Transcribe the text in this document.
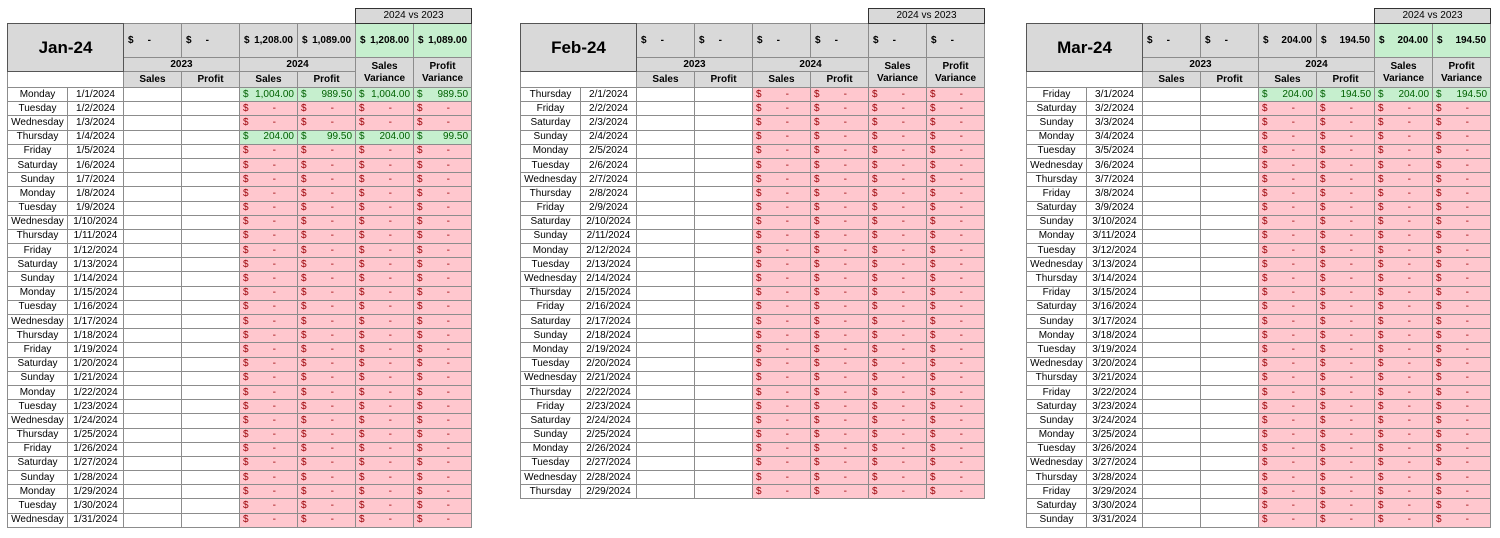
						2024 vs 2023	
Jan-24		$ -	$ -	$ 1,208.00	$ 1,089.00	$ 1,208.00	$ 1,089.00

		2023		2024		Sales Variance	Profit Variance
		Sales	Profit	Sales	Profit		
Monday	1/1/2024			$ 1,004.00	$ 989.50	$ 1,004.00	$ 989.50

Tuesday	1/2/2024			$ -	$ -	$ -	$ -

Wednesday	1/3/2024			$ -	$ -	$ -	$ -

Thursday	1/4/2024			$ 204.00	$ 99.50	$ 204.00	$ 99.50

Friday	1/5/2024			$ -	$ -	$ -	$ -

Saturday	1/6/2024			$ -	$ -	$ -	$ -

Sunday	1/7/2024			$ -	$ -	$ -	$ -

Monday	1/8/2024			$ -	$ -	$ -	$ -

Tuesday	1/9/2024			$ -	$ -	$ -	$ -

Wednesday	1/10/2024			$ -	$ -	$ -	$ -

Thursday	1/11/2024			$ -	$ -	$ -	$ -

Friday	1/12/2024			$ -	$ -	$ -	$ -

Saturday	1/13/2024			$ -	$ -	$ -	$ -

Sunday	1/14/2024			$ -	$ -	$ -	$ -

Monday	1/15/2024			$ -	$ -	$ -	$ -

Tuesday	1/16/2024			$ -	$ -	$ -	$ -

Wednesday	1/17/2024			$ -	$ -	$ -	$ -

Thursday	1/18/2024			$ -	$ -	$ -	$ -

Friday	1/19/2024			$ -	$ -	$ -	$ -

Saturday	1/20/2024			$ -	$ -	$ -	$ -

Sunday	1/21/2024			$ -	$ -	$ -	$ -

Monday	1/22/2024			$ -	$ -	$ -	$ -

Tuesday	1/23/2024			$ -	$ -	$ -	$ -

Wednesday	1/24/2024			$ -	$ -	$ -	$ -

Thursday	1/25/2024			$ -	$ -	$ -	$ -

Friday	1/26/2024			$ -	$ -	$ -	$ -

Saturday	1/27/2024			$ -	$ -	$ -	$ -

Sunday	1/28/2024			$ -	$ -	$ -	$ -

Monday	1/29/2024			$ -	$ -	$ -	$ -

Tuesday	1/30/2024			$ -	$ -	$ -	$ -

Wednesday	1/31/2024			$ -	$ -	$ -	$ -
						2024 vs 2023	
Feb-24		$ -	$ -	$ -	$ -	$ -	$ -

		2023		2024		Sales Variance	Profit Variance
		Sales	Profit	Sales	Profit		
Thursday	2/1/2024			$ -	$ -	$ -	$ -

Friday	2/2/2024			$ -	$ -	$ -	$ -

Saturday	2/3/2024			$ -	$ -	$ -	$ -

Sunday	2/4/2024			$ -	$ -	$ -	$ -

Monday	2/5/2024			$ -	$ -	$ -	$ -

Tuesday	2/6/2024			$ -	$ -	$ -	$ -

Wednesday	2/7/2024			$ -	$ -	$ -	$ -

Thursday	2/8/2024			$ -	$ -	$ -	$ -

Friday	2/9/2024			$ -	$ -	$ -	$ -

Saturday	2/10/2024			$ -	$ -	$ -	$ -

Sunday	2/11/2024			$ -	$ -	$ -	$ -

Monday	2/12/2024			$ -	$ -	$ -	$ -

Tuesday	2/13/2024			$ -	$ -	$ -	$ -

Wednesday	2/14/2024			$ -	$ -	$ -	$ -

Thursday	2/15/2024			$ -	$ -	$ -	$ -

Friday	2/16/2024			$ -	$ -	$ -	$ -

Saturday	2/17/2024			$ -	$ -	$ -	$ -

Sunday	2/18/2024			$ -	$ -	$ -	$ -

Monday	2/19/2024			$ -	$ -	$ -	$ -

Tuesday	2/20/2024			$ -	$ -	$ -	$ -

Wednesday	2/21/2024			$ -	$ -	$ -	$ -

Thursday	2/22/2024			$ -	$ -	$ -	$ -

Friday	2/23/2024			$ -	$ -	$ -	$ -

Saturday	2/24/2024			$ -	$ -	$ -	$ -

Sunday	2/25/2024			$ -	$ -	$ -	$ -

Monday	2/26/2024			$ -	$ -	$ -	$ -

Tuesday	2/27/2024			$ -	$ -	$ -	$ -

Wednesday	2/28/2024			$ -	$ -	$ -	$ -

Thursday	2/29/2024			$ -	$ -	$ -	$ -
						2024 vs 2023	
Mar-24		$ -	$ -	$ 204.00	$ 194.50	$ 204.00	$ 194.50

		2023		2024		Sales Variance	Profit Variance
		Sales	Profit	Sales	Profit		
Friday	3/1/2024			$ 204.00	$ 194.50	$ 204.00	$ 194.50

Saturday	3/2/2024			$ -	$ -	$ -	$ -

Sunday	3/3/2024			$ -	$ -	$ -	$ -

Monday	3/4/2024			$ -	$ -	$ -	$ -

Tuesday	3/5/2024			$ -	$ -	$ -	$ -

Wednesday	3/6/2024			$ -	$ -	$ -	$ -

Thursday	3/7/2024			$ -	$ -	$ -	$ -

Friday	3/8/2024			$ -	$ -	$ -	$ -

Saturday	3/9/2024			$ -	$ -	$ -	$ -

Sunday	3/10/2024			$ -	$ -	$ -	$ -

Monday	3/11/2024			$ -	$ -	$ -	$ -

Tuesday	3/12/2024			$ -	$ -	$ -	$ -

Wednesday	3/13/2024			$ -	$ -	$ -	$ -

Thursday	3/14/2024			$ -	$ -	$ -	$ -

Friday	3/15/2024			$ -	$ -	$ -	$ -

Saturday	3/16/2024			$ -	$ -	$ -	$ -

Sunday	3/17/2024			$ -	$ -	$ -	$ -

Monday	3/18/2024			$ -	$ -	$ -	$ -

Tuesday	3/19/2024			$ -	$ -	$ -	$ -

Wednesday	3/20/2024			$ -	$ -	$ -	$ -

Thursday	3/21/2024			$ -	$ -	$ -	$ -

Friday	3/22/2024			$ -	$ -	$ -	$ -

Saturday	3/23/2024			$ -	$ -	$ -	$ -

Sunday	3/24/2024			$ -	$ -	$ -	$ -

Monday	3/25/2024			$ -	$ -	$ -	$ -

Tuesday	3/26/2024			$ -	$ -	$ -	$ -

Wednesday	3/27/2024			$ -	$ -	$ -	$ -

Thursday	3/28/2024			$ -	$ -	$ -	$ -

Friday	3/29/2024			$ -	$ -	$ -	$ -

Saturday	3/30/2024			$ -	$ -	$ -	$ -

Sunday	3/31/2024			$ -	$ -	$ -	$ -
